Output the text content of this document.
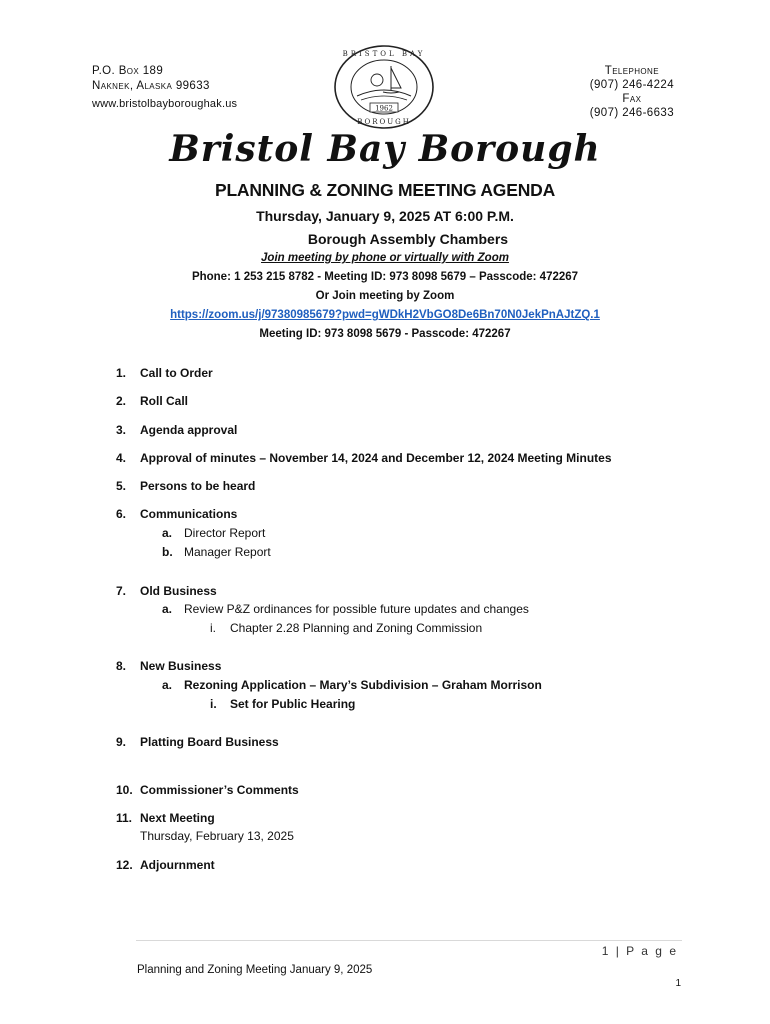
P.O. Box 189
Naknek, Alaska 99633
www.bristolbayboroughak.us	1962
BRISTOL BAY
BOROUGH
Telephone
(907) 246-4224
Fax
(907) 246-6633
Bristol Bay Borough
PLANNING & ZONING MEETING AGENDA
Thursday, January 9, 2025 AT 6:00 P.M.
Borough Assembly Chambers
Join meeting by phone or virtually with Zoom
Phone: 1 253 215 8782 - Meeting ID: 973 8098 5679 – Passcode: 472267
Or Join meeting by Zoom
https://zoom.us/j/97380985679?pwd=gWDkH2VbGO8De6Bn70N0JekPnAJtZQ.1
Meeting ID: 973 8098 5679 - Passcode: 472267
1. Call to Order
2. Roll Call
3. Agenda approval
4. Approval of minutes – November 14, 2024 and December 12, 2024 Meeting Minutes
5. Persons to be heard
6. Communications
a. Director Report
b. Manager Report
7. Old Business
a. Review P&Z ordinances for possible future updates and changes
i. Chapter 2.28 Planning and Zoning Commission
8. New Business
a. Rezoning Application – Mary’s Subdivision – Graham Morrison
i. Set for Public Hearing
9. Platting Board Business
10. Commissioner’s Comments
11. Next Meeting
Thursday, February 13, 2025
12. Adjournment
1 | P a g e
Planning and Zoning Meeting January 9, 2025
1
